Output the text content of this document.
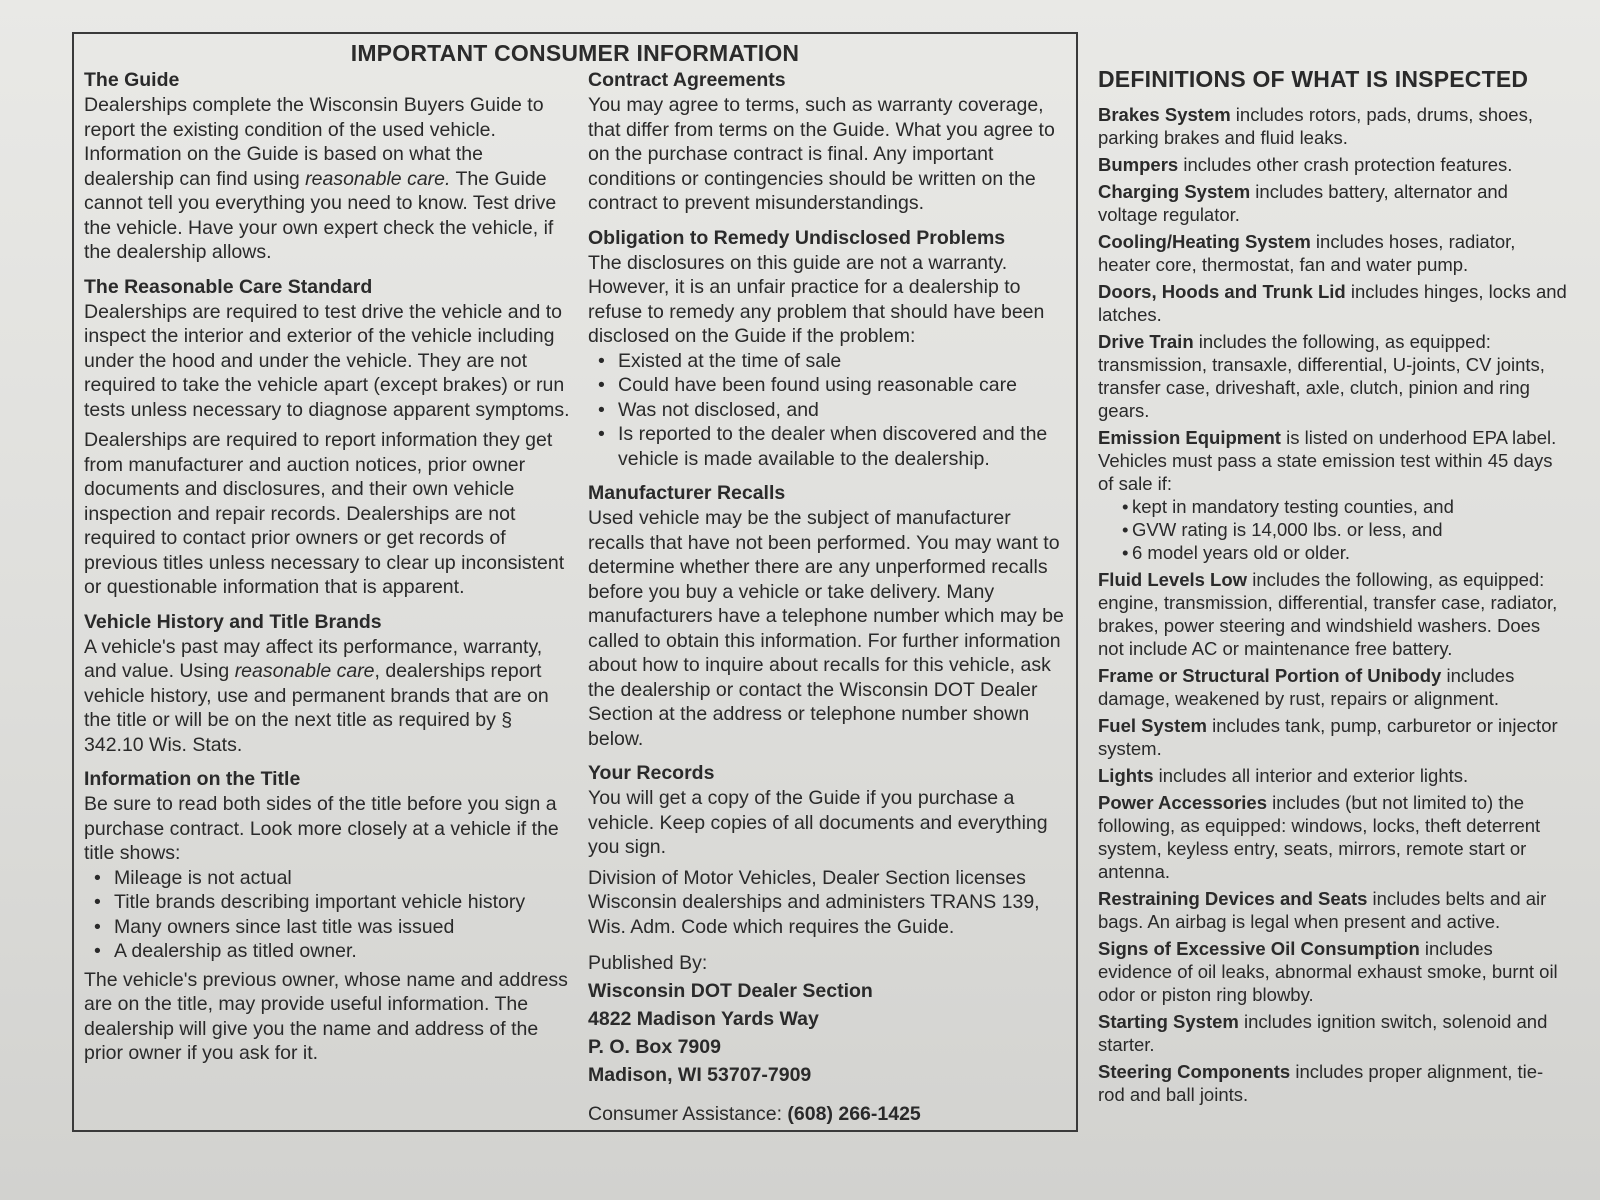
IMPORTANT CONSUMER INFORMATION

The Guide

Dealerships complete the Wisconsin Buyers Guide to report the existing condition of the used vehicle. Information on the Guide is based on what the dealership can find using reasonable care. The Guide cannot tell you everything you need to know. Test drive the vehicle. Have your own expert check the vehicle, if the dealership allows.

The Reasonable Care Standard

Dealerships are required to test drive the vehicle and to inspect the interior and exterior of the vehicle including under the hood and under the vehicle. They are not required to take the vehicle apart (except brakes) or run tests unless necessary to diagnose apparent symptoms.

Dealerships are required to report information they get from manufacturer and auction notices, prior owner documents and disclosures, and their own vehicle inspection and repair records. Dealerships are not required to contact prior owners or get records of previous titles unless necessary to clear up inconsistent or questionable information that is apparent.

Vehicle History and Title Brands

A vehicle's past may affect its performance, warranty, and value. Using reasonable care, dealerships report vehicle history, use and permanent brands that are on the title or will be on the next title as required by § 342.10 Wis. Stats.

Information on the Title

Be sure to read both sides of the title before you sign a purchase contract. Look more closely at a vehicle if the title shows:

• Mileage is not actual
• Title brands describing important vehicle history
• Many owners since last title was issued
• A dealership as titled owner.

The vehicle's previous owner, whose name and address are on the title, may provide useful information. The dealership will give you the name and address of the prior owner if you ask for it.

Contract Agreements

You may agree to terms, such as warranty coverage, that differ from terms on the Guide. What you agree to on the purchase contract is final. Any important conditions or contingencies should be written on the contract to prevent misunderstandings.

Obligation to Remedy Undisclosed Problems

The disclosures on this guide are not a warranty. However, it is an unfair practice for a dealership to refuse to remedy any problem that should have been disclosed on the Guide if the problem:

• Existed at the time of sale
• Could have been found using reasonable care
• Was not disclosed, and
• Is reported to the dealer when discovered and the vehicle is made available to the dealership.

Manufacturer Recalls

Used vehicle may be the subject of manufacturer recalls that have not been performed. You may want to determine whether there are any unperformed recalls before you buy a vehicle or take delivery. Many manufacturers have a telephone number which may be called to obtain this information. For further information about how to inquire about recalls for this vehicle, ask the dealership or contact the Wisconsin DOT Dealer Section at the address or telephone number shown below.

Your Records

You will get a copy of the Guide if you purchase a vehicle. Keep copies of all documents and everything you sign.

Division of Motor Vehicles, Dealer Section licenses Wisconsin dealerships and administers TRANS 139, Wis. Adm. Code which requires the Guide.

Published By:

Wisconsin DOT Dealer Section

4822 Madison Yards Way

P. O. Box 7909

Madison, WI 53707-7909

Consumer Assistance: (608) 266-1425

DEFINITIONS OF WHAT IS INSPECTED
Brakes System includes rotors, pads, drums, shoes, parking brakes and fluid leaks.
Bumpers includes other crash protection features.
Charging System includes battery, alternator and voltage regulator.
Cooling/Heating System includes hoses, radiator, heater core, thermostat, fan and water pump.
Doors, Hoods and Trunk Lid includes hinges, locks and latches.
Drive Train includes the following, as equipped: transmission, transaxle, differential, U-joints, CV joints, transfer case, driveshaft, axle, clutch, pinion and ring gears.
Emission Equipment is listed on underhood EPA label. Vehicles must pass a state emission test within 45 days of sale if:
• kept in mandatory testing counties, and
• GVW rating is 14,000 lbs. or less, and
• 6 model years old or older.
Fluid Levels Low includes the following, as equipped: engine, transmission, differential, transfer case, radiator, brakes, power steering and windshield washers. Does not include AC or maintenance free battery.
Frame or Structural Portion of Unibody includes damage, weakened by rust, repairs or alignment.
Fuel System includes tank, pump, carburetor or injector system.
Lights includes all interior and exterior lights.
Power Accessories includes (but not limited to) the following, as equipped: windows, locks, theft deterrent system, keyless entry, seats, mirrors, remote start or antenna.
Restraining Devices and Seats includes belts and air bags. An airbag is legal when present and active.
Signs of Excessive Oil Consumption includes evidence of oil leaks, abnormal exhaust smoke, burnt oil odor or piston ring blowby.
Starting System includes ignition switch, solenoid and starter.
Steering Components includes proper alignment, tie-rod and ball joints.
